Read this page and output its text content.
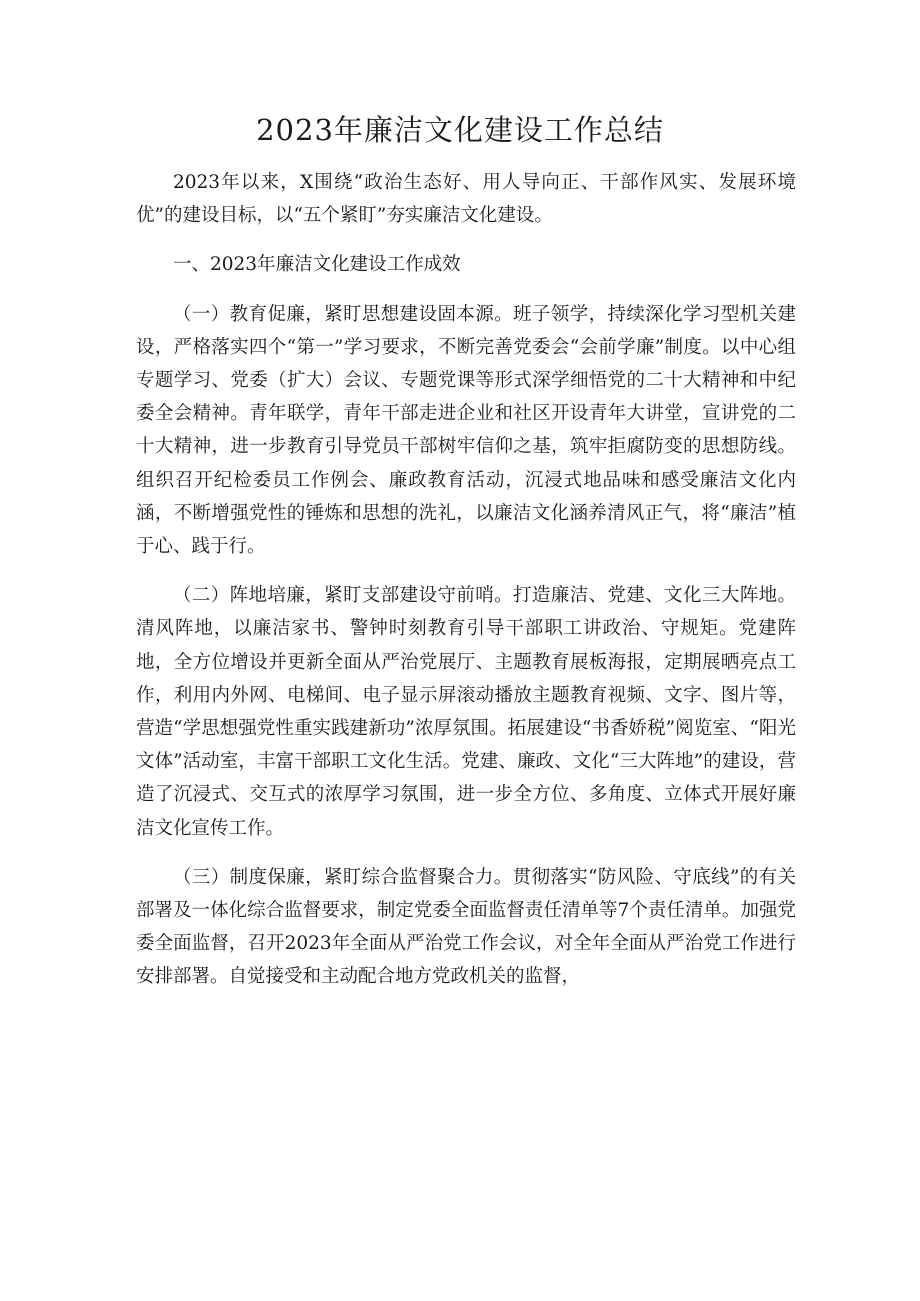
2023年廉洁文化建设工作总结

2023年以来，X围绕“政治生态好、用人导向正、干部作风实、发展环境优”的建设目标，以“五个紧盯”夯实廉洁文化建设。

一、2023年廉洁文化建设工作成效

（一）教育促廉，紧盯思想建设固本源。班子领学，持续深化学习型机关建设，严格落实四个“第一”学习要求，不断完善党委会“会前学廉”制度。以中心组专题学习、党委（扩大）会议、专题党课等形式深学细悟党的二十大精神和中纪委全会精神。青年联学，青年干部走进企业和社区开设青年大讲堂，宣讲党的二十大精神，进一步教育引导党员干部树牢信仰之基，筑牢拒腐防变的思想防线。组织召开纪检委员工作例会、廉政教育活动，沉浸式地品味和感受廉洁文化内涵，不断增强党性的锤炼和思想的洗礼，以廉洁文化涵养清风正气，将“廉洁”植于心、践于行。

（二）阵地培廉，紧盯支部建设守前哨。打造廉洁、党建、文化三大阵地。清风阵地，以廉洁家书、警钟时刻教育引导干部职工讲政治、守规矩。党建阵地，全方位增设并更新全面从严治党展厅、主题教育展板海报，定期展晒亮点工作，利用内外网、电梯间、电子显示屏滚动播放主题教育视频、文字、图片等，营造“学思想强党性重实践建新功”浓厚氛围。拓展建设“书香娇税”阅览室、“阳光文体”活动室，丰富干部职工文化生活。党建、廉政、文化“三大阵地”的建设，营造了沉浸式、交互式的浓厚学习氛围，进一步全方位、多角度、立体式开展好廉洁文化宣传工作。

（三）制度保廉，紧盯综合监督聚合力。贯彻落实“防风险、守底线”的有关部署及一体化综合监督要求，制定党委全面监督责任清单等7个责任清单。加强党委全面监督，召开2023年全面从严治党工作会议，对全年全面从严治党工作进行安排部署。自觉接受和主动配合地方党政机关的监督，
